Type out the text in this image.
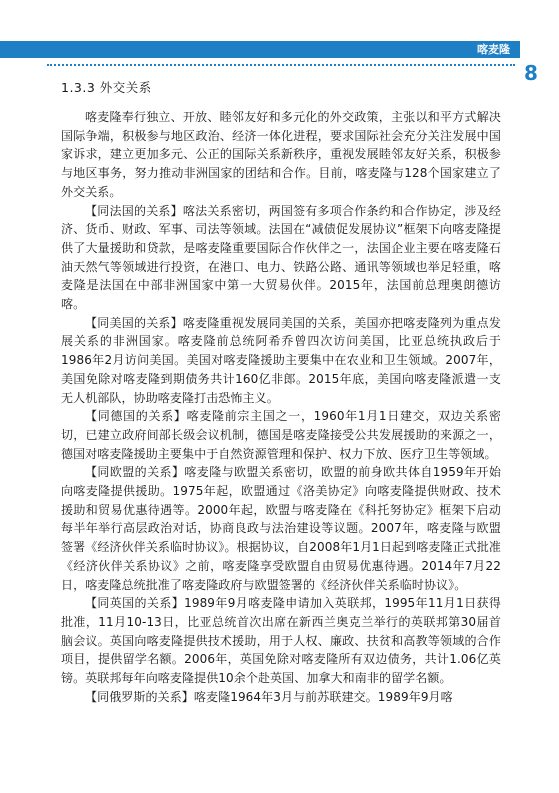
喀麦隆
8
1.3.3 外交关系

喀麦隆奉行独立、开放、睦邻友好和多元化的外交政策，主张以和平方式解决国际争端，积极参与地区政治、经济一体化进程，要求国际社会充分关注发展中国家诉求，建立更加多元、公正的国际关系新秩序，重视发展睦邻友好关系，积极参与地区事务，努力推动非洲国家的团结和合作。目前，喀麦隆与128个国家建立了外交关系。

【同法国的关系】喀法关系密切，两国签有多项合作条约和合作协定，涉及经济、货币、财政、军事、司法等领域。法国在“减债促发展协议”框架下向喀麦隆提供了大量援助和贷款，是喀麦隆重要国际合作伙伴之一，法国企业主要在喀麦隆石油天然气等领域进行投资，在港口、电力、铁路公路、通讯等领域也举足轻重，喀麦隆是法国在中部非洲国家中第一大贸易伙伴。2015年，法国前总理奥朗德访喀。

【同美国的关系】喀麦隆重视发展同美国的关系，美国亦把喀麦隆列为重点发展关系的非洲国家。喀麦隆前总统阿希乔曾四次访问美国，比亚总统执政后于1986年2月访问美国。美国对喀麦隆援助主要集中在农业和卫生领域。2007年，美国免除对喀麦隆到期债务共计160亿非郎。2015年底，美国向喀麦隆派遣一支无人机部队，协助喀麦隆打击恐怖主义。

【同德国的关系】喀麦隆前宗主国之一，1960年1月1日建交，双边关系密切，已建立政府间部长级会议机制，德国是喀麦隆接受公共发展援助的来源之一，德国对喀麦隆援助主要集中于自然资源管理和保护、权力下放、医疗卫生等领域。

【同欧盟的关系】喀麦隆与欧盟关系密切，欧盟的前身欧共体自1959年开始向喀麦隆提供援助。1975年起，欧盟通过《洛美协定》向喀麦隆提供财政、技术援助和贸易优惠待遇等。2000年起，欧盟与喀麦隆在《科托努协定》框架下启动每半年举行高层政治对话，协商良政与法治建设等议题。2007年，喀麦隆与欧盟签署《经济伙伴关系临时协议》。根据协议，自2008年1月1日起到喀麦隆正式批准《经济伙伴关系协议》之前，喀麦隆享受欧盟自由贸易优惠待遇。2014年7月22日，喀麦隆总统批准了喀麦隆政府与欧盟签署的《经济伙伴关系临时协议》。

【同英国的关系】1989年9月喀麦隆申请加入英联邦，1995年11月1日获得批准，11月10-13日，比亚总统首次出席在新西兰奥克兰举行的英联邦第30届首脑会议。英国向喀麦隆提供技术援助，用于人权、廉政、扶贫和高教等领域的合作项目，提供留学名额。2006年，英国免除对喀麦隆所有双边债务，共计1.06亿英镑。英联邦每年向喀麦隆提供10余个赴英国、加拿大和南非的留学名额。

【同俄罗斯的关系】喀麦隆1964年3月与前苏联建交。1989年9月喀
